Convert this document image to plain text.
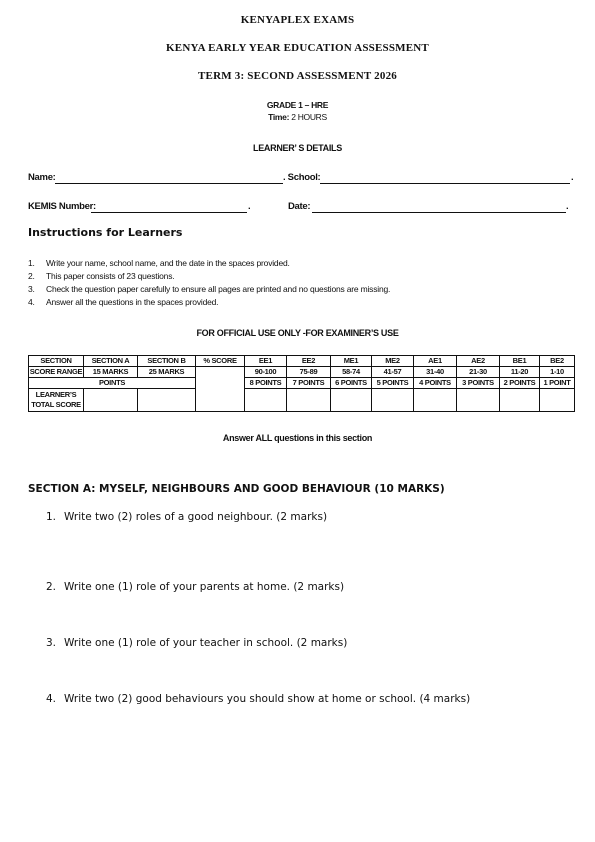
KENYAPLEX EXAMS
KENYA EARLY YEAR EDUCATION ASSESSMENT
TERM 3: SECOND ASSESSMENT 2026
GRADE 1 – HRE
Time: 2 HOURS
LEARNER’ S DETAILS
Name:	. School:	.
KEMIS Number:	.	Date:	.
Instructions for Learners
1. Write your name, school name, and the date in the spaces provided.
2. This paper consists of 23 questions.
3. Check the question paper carefully to ensure all pages are printed and no questions are missing.
4. Answer all the questions in the spaces provided.
FOR OFFICIAL USE ONLY -FOR EXAMINER’S USE
SECTION	SECTION A	SECTION B	% SCORE	EE1	EE2	ME1	ME2	AE1	AE2	BE1	BE2
SCORE RANGE	15 MARKS	25 MARKS		90-100	75-89	58-74	41-57	31-40	21-30	11-20	1-10
POINTS				8 POINTS	7 POINTS	6 POINTS	5 POINTS	4 POINTS	3 POINTS	2 POINTS	1 POINT
LEARNER’S TOTAL SCORE											
Answer ALL questions in this section
SECTION A: MYSELF, NEIGHBOURS AND GOOD BEHAVIOUR (10 MARKS)
1. Write two (2) roles of a good neighbour. (2 marks)
2. Write one (1) role of your parents at home. (2 marks)
3. Write one (1) role of your teacher in school. (2 marks)
4. Write two (2) good behaviours you should show at home or school. (4 marks)
